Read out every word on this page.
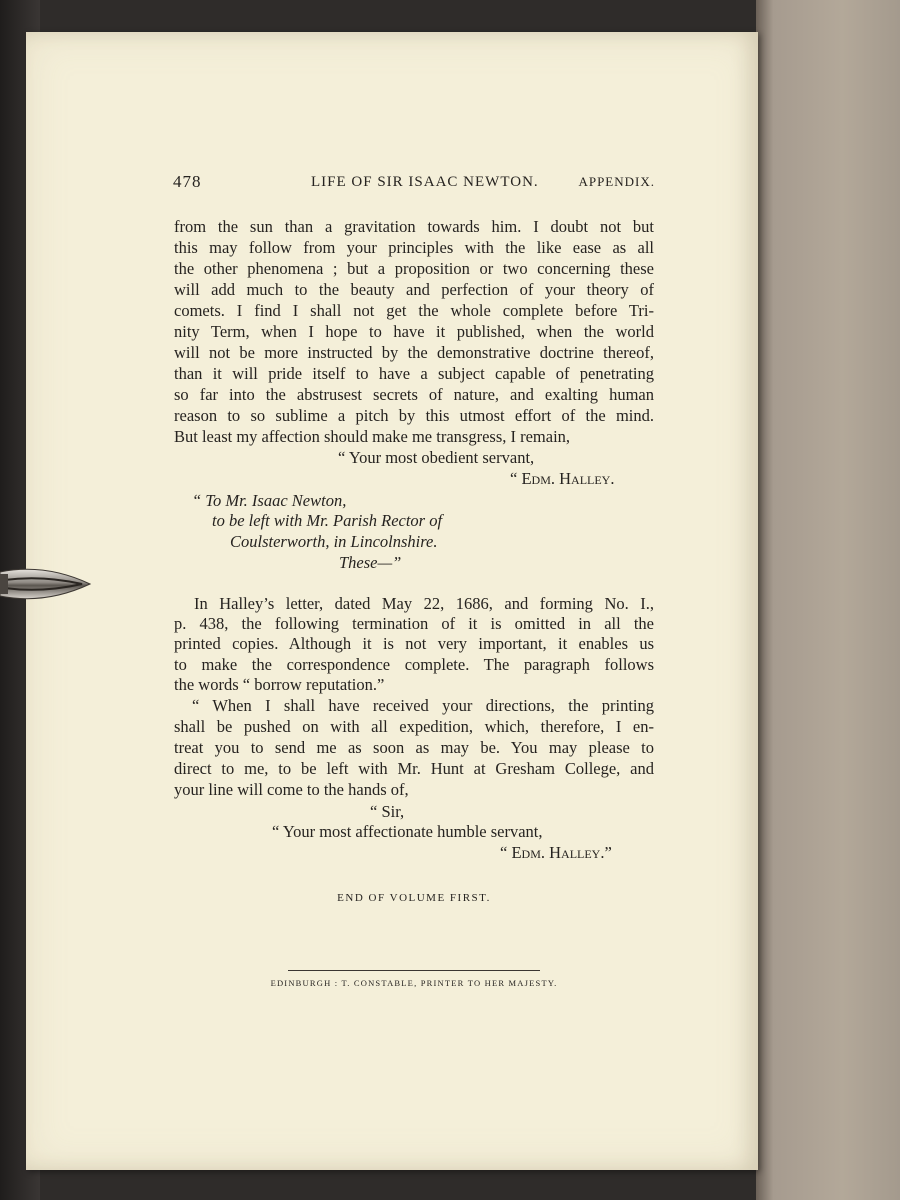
478	LIFE OF SIR ISAAC NEWTON.	APPENDIX.
from the sun than a gravitation towards him. I doubt not but
this may follow from your principles with the like ease as all
the other phenomena ; but a proposition or two concerning these
will add much to the beauty and perfection of your theory of
comets. I find I shall not get the whole complete before Tri-
nity Term, when I hope to have it published, when the world
will not be more instructed by the demonstrative doctrine thereof,
than it will pride itself to have a subject capable of penetrating
so far into the abstrusest secrets of nature, and exalting human
reason to so sublime a pitch by this utmost effort of the mind.
But least my affection should make me transgress, I remain,
“ Your most obedient servant,
“ Edm. Halley.
“ To Mr. Isaac Newton,
to be left with Mr. Parish Rector of
Coulsterworth, in Lincolnshire.
These—”
In Halley’s letter, dated May 22, 1686, and forming No. I.,
p. 438, the following termination of it is omitted in all the
printed copies. Although it is not very important, it enables us
to make the correspondence complete. The paragraph follows
the words “ borrow reputation.”
“ When I shall have received your directions, the printing
shall be pushed on with all expedition, which, therefore, I en-
treat you to send me as soon as may be. You may please to
direct to me, to be left with Mr. Hunt at Gresham College, and
your line will come to the hands of,
“ Sir,
“ Your most affectionate humble servant,
“ Edm. Halley.”
END OF VOLUME FIRST.
EDINBURGH : T. CONSTABLE, PRINTER TO HER MAJESTY.
